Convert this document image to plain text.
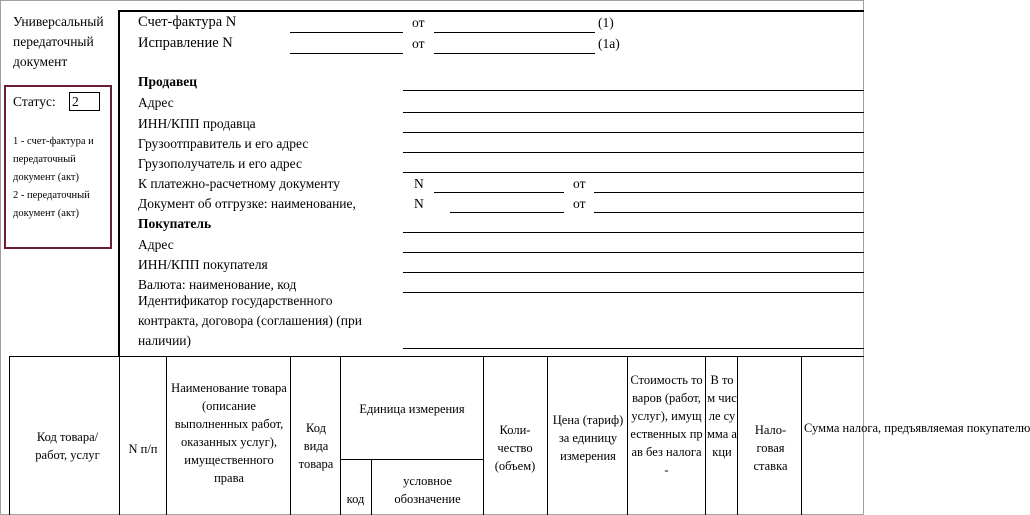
Универсальный
передаточный
документ
Статус: 2
1 - счет-фактура и
передаточный
документ (акт)
2 - передаточный
документ (акт)
Счет-фактура N	от	(1)
Исправление N	от	(1а)
Продавец
Адрес
ИНН/КПП продавца
Грузоотправитель и его адрес
Грузополучатель и его адрес
К платежно-расчетному документу	N	от
Документ об отгрузке: наименование,	N	от
Покупатель
Адрес
ИНН/КПП покупателя
Валюта: наименование, код
Идентификатор государственного
контракта, договора (соглашения) (при
наличии)
Код товара/ работ, услуг	N п/п
Наименование товара (описание выполненных работ, оказанных услуг), имущественного права
Код вида товара
Единица измерения
код
условное обозначение
Коли-чество (объем)
Цена (тариф) за единицу измерения
Стоимость товаров (работ, услуг), имущественных прав без налога -
В том числе сумма акци
Нало-говая ставка
Сумма налога, предъявляемая покупателю
